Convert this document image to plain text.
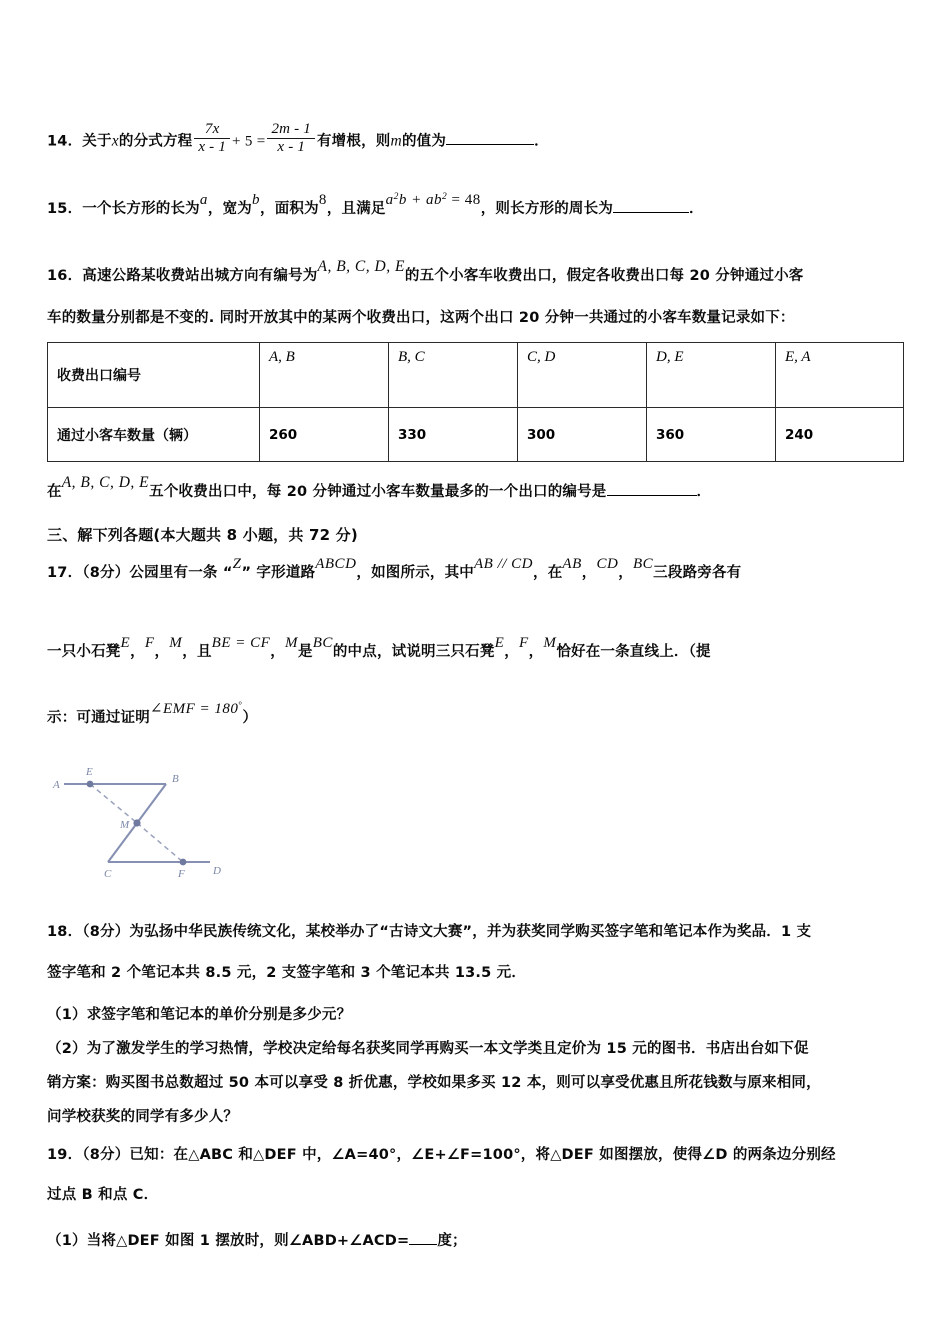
14．关于x的分式方程 $\frac{7x}{x - 1} + 5 = \frac{2m - 1}{x - 1}$ 有增根，则m的值为	．
15．一个长方形的长为a，宽为b，面积为8，且满足$a^2b + ab^2 = 48$，则长方形的周长为	．
16．高速公路某收费站出城方向有编号为A, B, C, D, E的五个小客车收费出口，假定各收费出口每 20 分钟通过小客
车的数量分别都是不变的. 同时开放其中的某两个收费出口，这两个出口 20 分钟一共通过的小客车数量记录如下：
收费出口编号	A, B	B, C	C, D	D, E	E, A
通过小客车数量（辆）	260	330	300	360	240
在A, B, C, D, E五个收费出口中，每 20 分钟通过小客车数量最多的一个出口的编号是	．
三、解下列各题(本大题共 8 小题，共 72 分)
17．（8分）公园里有一条 “Z” 字形道路ABCD，如图所示，其中AB // CD，在AB，CD，BC三段路旁各有
一只小石凳E，F，M，且BE = CF，M是BC的中点，试说明三只石凳E，F，M恰好在一条直线上．（提
示：可通过证明∠EMF = 180°）
A
E
B
M
C	F	D
18．（8分）为弘扬中华民族传统文化，某校举办了“古诗文大赛”，并为获奖同学购买签字笔和笔记本作为奖品．1 支
签字笔和 2 个笔记本共 8.5 元，2 支签字笔和 3 个笔记本共 13.5 元．
（1）求签字笔和笔记本的单价分别是多少元？
（2）为了激发学生的学习热情，学校决定给每名获奖同学再购买一本文学类且定价为 15 元的图书．书店出台如下促
销方案：购买图书总数超过 50 本可以享受 8 折优惠，学校如果多买 12 本，则可以享受优惠且所花钱数与原来相同，
问学校获奖的同学有多少人？
19．（8分）已知：在△ABC 和△DEF 中，∠A=40°，∠E+∠F=100°，将△DEF 如图摆放，使得∠D 的两条边分别经
过点 B 和点 C．
（1）当将△DEF 如图 1 摆放时，则∠ABD+∠ACD= 度；
